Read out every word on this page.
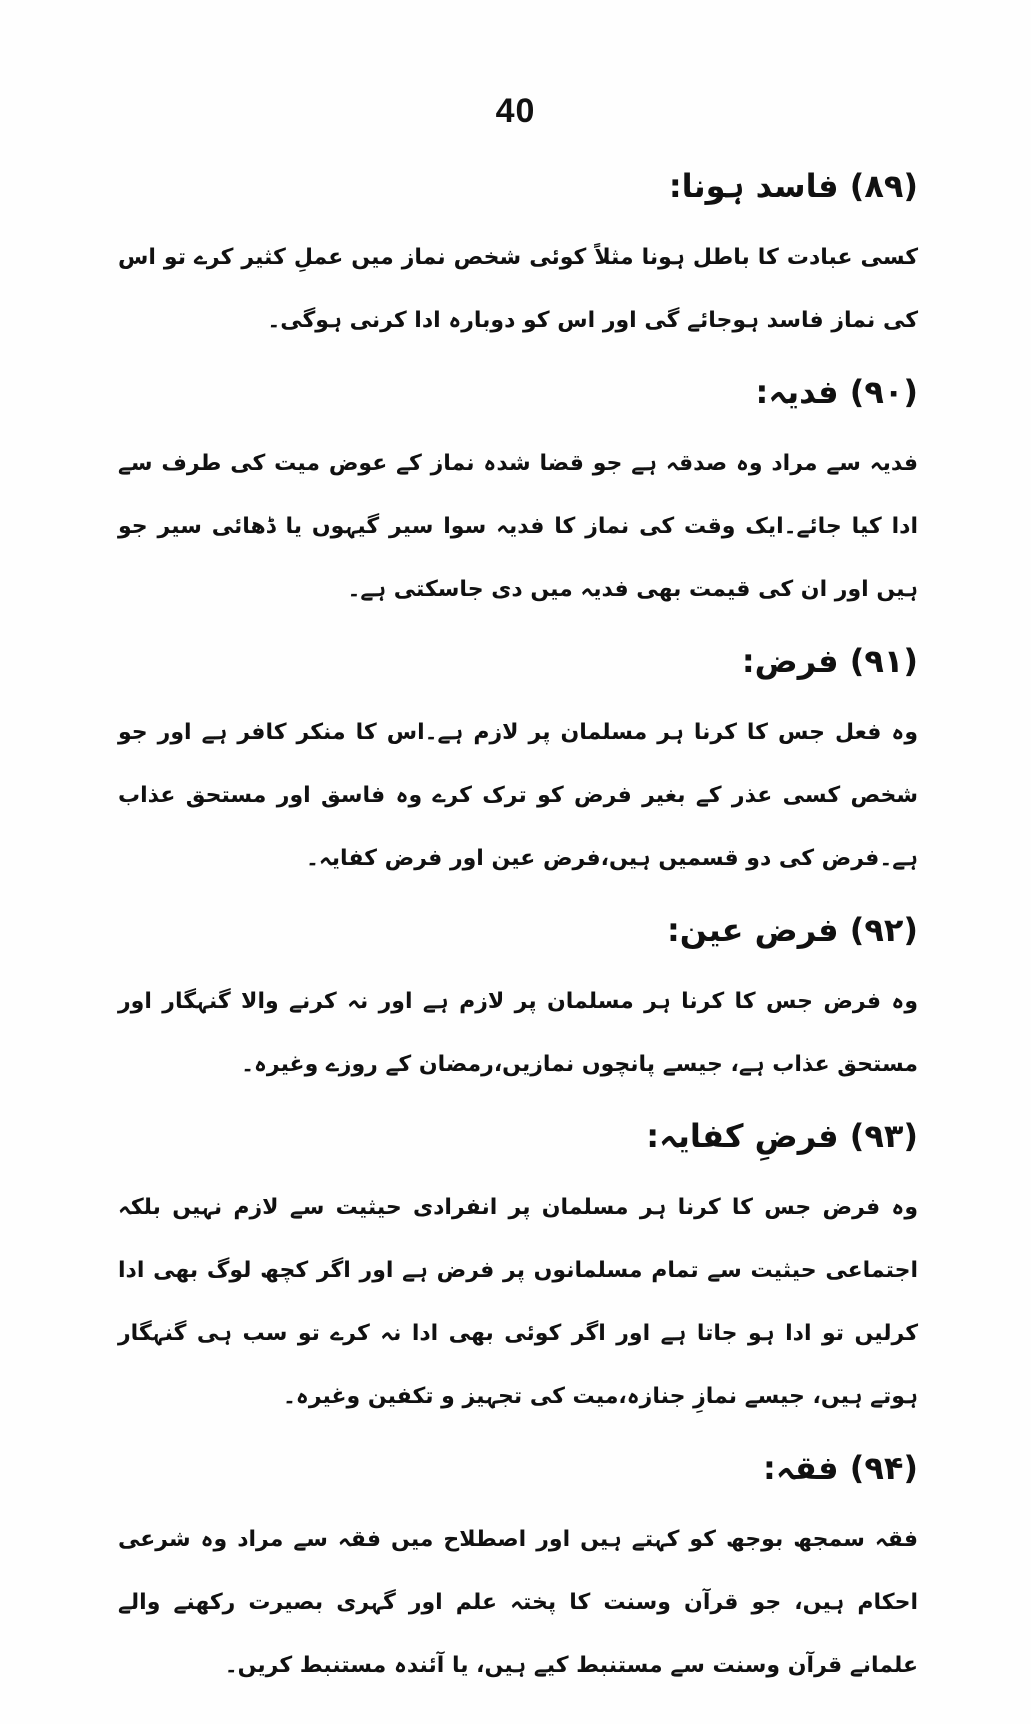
40
(۸۹) فاسد ہونا:
کسی عبادت کا باطل ہونا مثلاً کوئی شخص نماز میں عملِ کثیر کرے تو اس کی نماز فاسد ہوجائے گی اور اس کو دوبارہ ادا کرنی ہوگی۔
(۹۰) فدیہ:
فدیہ سے مراد وہ صدقہ ہے جو قضا شدہ نماز کے عوض میت کی طرف سے ادا کیا جائے۔ایک وقت کی نماز کا فدیہ سوا سیر گیہوں یا ڈھائی سیر جو ہیں اور ان کی قیمت بھی فدیہ میں دی جاسکتی ہے۔
(۹۱) فرض:
وہ فعل جس کا کرنا ہر مسلمان پر لازم ہے۔اس کا منکر کافر ہے اور جو شخص کسی عذر کے بغیر فرض کو ترک کرے وہ فاسق اور مستحق عذاب ہے۔فرض کی دو قسمیں ہیں،فرض عین اور فرض کفایہ۔
(۹۲) فرض عین:
وہ فرض جس کا کرنا ہر مسلمان پر لازم ہے اور نہ کرنے والا گنہگار اور مستحق عذاب ہے، جیسے پانچوں نمازیں،رمضان کے روزے وغیرہ۔
(۹۳) فرضِ کفایہ:
وہ فرض جس کا کرنا ہر مسلمان پر انفرادی حیثیت سے لازم نہیں بلکہ اجتماعی حیثیت سے تمام مسلمانوں پر فرض ہے اور اگر کچھ لوگ بھی ادا کرلیں تو ادا ہو جاتا ہے اور اگر کوئی بھی ادا نہ کرے تو سب ہی گنہگار ہوتے ہیں، جیسے نمازِ جنازہ،میت کی تجہیز و تکفین وغیرہ۔
(۹۴) فقہ:
فقہ سمجھ بوجھ کو کہتے ہیں اور اصطلاح میں فقہ سے مراد وہ شرعی احکام ہیں، جو قرآن وسنت کا پختہ علم اور گہری بصیرت رکھنے والے علمانے قرآن وسنت سے مستنبط کیے ہیں، یا آئندہ مستنبط کریں۔
